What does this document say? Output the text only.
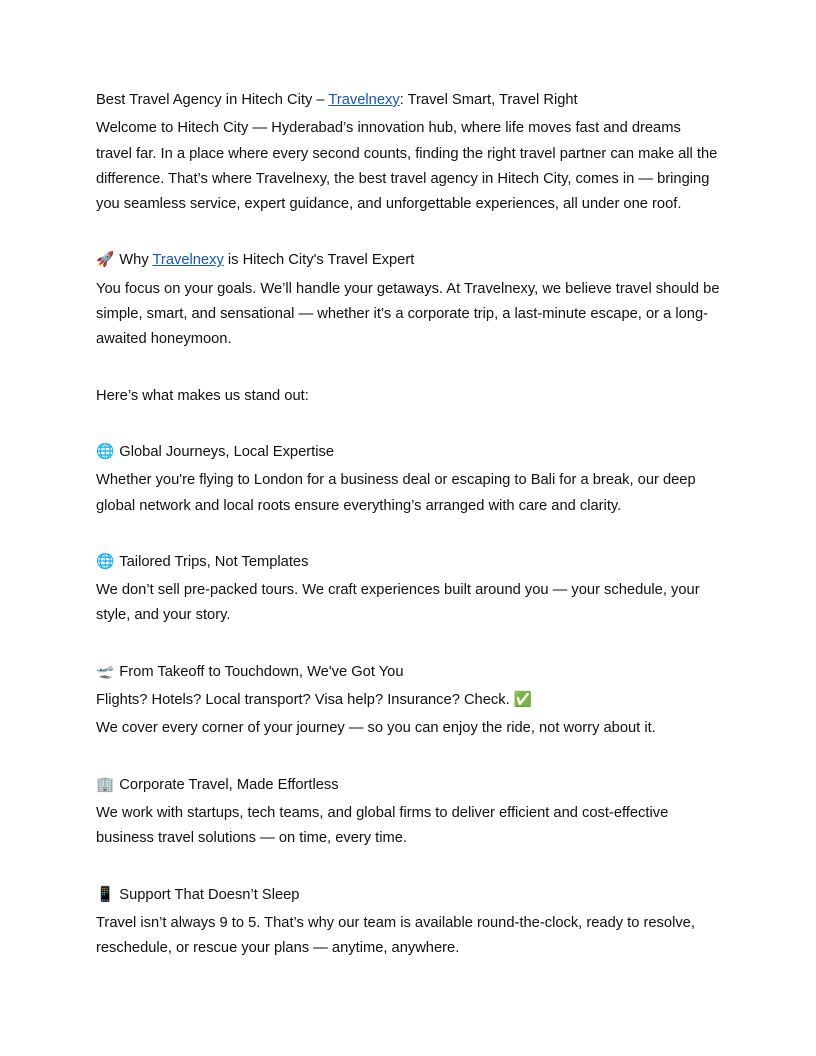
Best Travel Agency in Hitech City – Travelnexy: Travel Smart, Travel Right

Welcome to Hitech City — Hyderabad’s innovation hub, where life moves fast and dreams travel far. In a place where every second counts, finding the right travel partner can make all the difference. That’s where Travelnexy, the best travel agency in Hitech City, comes in — bringing you seamless service, expert guidance, and unforgettable experiences, all under one roof.

🚀 Why Travelnexy is Hitech City's Travel Expert

You focus on your goals. We’ll handle your getaways. At Travelnexy, we believe travel should be simple, smart, and sensational — whether it’s a corporate trip, a last-minute escape, or a long-awaited honeymoon.

Here’s what makes us stand out:

🌐 Global Journeys, Local Expertise

Whether you're flying to London for a business deal or escaping to Bali for a break, our deep global network and local roots ensure everything’s arranged with care and clarity.

🌐 Tailored Trips, Not Templates

We don’t sell pre-packed tours. We craft experiences built around you — your schedule, your style, and your story.

🛫 From Takeoff to Touchdown, We've Got You

Flights? Hotels? Local transport? Visa help? Insurance? Check. ✅

We cover every corner of your journey — so you can enjoy the ride, not worry about it.

🏢 Corporate Travel, Made Effortless

We work with startups, tech teams, and global firms to deliver efficient and cost-effective business travel solutions — on time, every time.

📱 Support That Doesn’t Sleep

Travel isn’t always 9 to 5. That’s why our team is available round-the-clock, ready to resolve, reschedule, or rescue your plans — anytime, anywhere.
